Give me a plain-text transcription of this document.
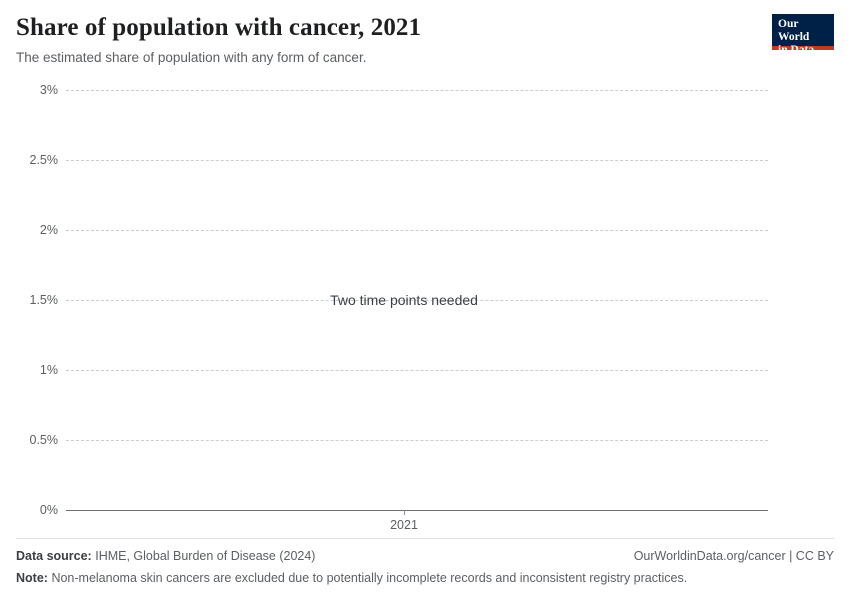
Share of population with cancer, 2021

The estimated share of population with any form of cancer.

Our World
in Data
3%
2.5%
2%
1.5%
1%
0.5%
0%
2021
Two time points needed
Data source: IHME, Global Burden of Disease (2024)	OurWorldinData.org/cancer | CC BY
Note: Non-melanoma skin cancers are excluded due to potentially incomplete records and inconsistent registry practices.
